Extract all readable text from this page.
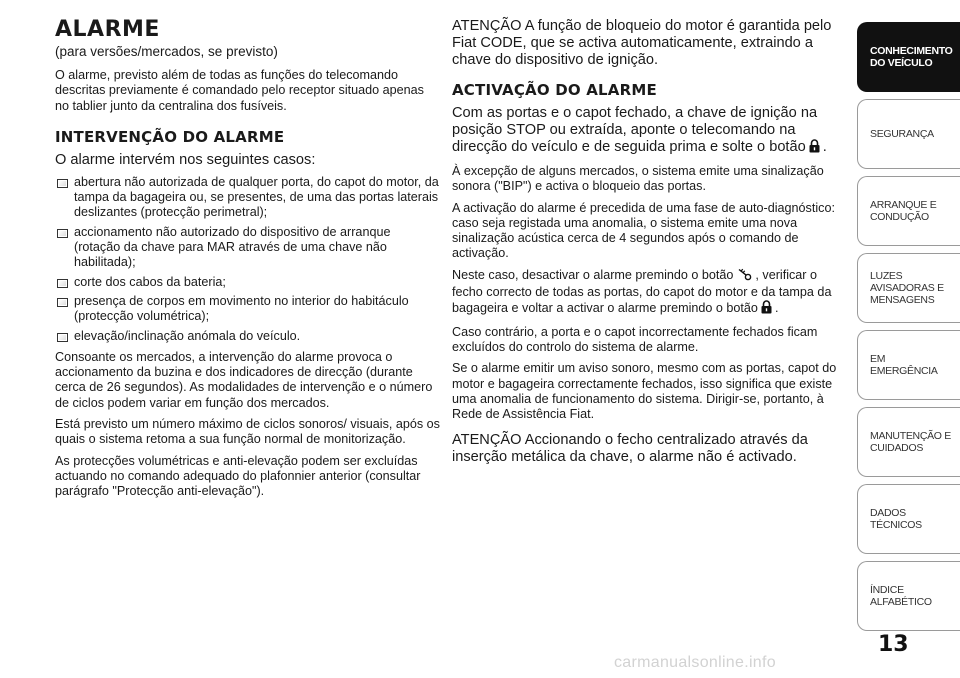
ALARME
(para versões/mercados, se previsto)

O alarme, previsto além de todas as funções do telecomando descritas previamente é comandado pelo receptor situado apenas no tablier junto da centralina dos fusíveis.

INTERVENÇÃO DO ALARME

O alarme intervém nos seguintes casos:

abertura não autorizada de qualquer porta, do capot do motor, da tampa da bagageira ou, se presentes, de uma das portas laterais deslizantes (protecção perimetral);
accionamento não autorizado do dispositivo de arranque (rotação da chave para MAR através de uma chave não habilitada);
corte dos cabos da bateria;
presença de corpos em movimento no interior do habitáculo (protecção volumétrica);
elevação/inclinação anómala do veículo.

Consoante os mercados, a intervenção do alarme provoca o accionamento da buzina e dos indicadores de direcção (durante cerca de 26 segundos). As modalidades de intervenção e o número de ciclos podem variar em função dos mercados.

Está previsto um número máximo de ciclos sonoros/ visuais, após os quais o sistema retoma a sua função normal de monitorização.

As protecções volumétricas e anti-elevação podem ser excluídas actuando no comando adequado do plafonnier anterior (consultar parágrafo "Protecção anti-elevação").

ATENÇÃO A função de bloqueio do motor é garantida pelo Fiat CODE, que se activa automaticamente, extraindo a chave do dispositivo de ignição.

ACTIVAÇÃO DO ALARME

Com as portas e o capot fechado, a chave de ignição na posição STOP ou extraída, aponte o telecomando na direcção do veículo e de seguida prima e solte o botão .

À excepção de alguns mercados, o sistema emite uma sinalização sonora ("BIP") e activa o bloqueio das portas.

A activação do alarme é precedida de uma fase de auto-diagnóstico: caso seja registada uma anomalia, o sistema emite uma nova sinalização acústica cerca de 4 segundos após o comando de activação.

Neste caso, desactivar o alarme premindo o botão , verificar o fecho correcto de todas as portas, do capot do motor e da tampa da bagageira e voltar a activar o alarme premindo o botão .

Caso contrário, a porta e o capot incorrectamente fechados ficam excluídos do controlo do sistema de alarme.

Se o alarme emitir um aviso sonoro, mesmo com as portas, capot do motor e bagageira correctamente fechados, isso significa que existe uma anomalia de funcionamento do sistema. Dirigir-se, portanto, à Rede de Assistência Fiat.

ATENÇÃO Accionando o fecho centralizado através da inserção metálica da chave, o alarme não é activado.

CONHECIMENTO DO VEÍCULO
SEGURANÇA
ARRANQUE E CONDUÇÃO
LUZES AVISADORAS E MENSAGENS
EM EMERGÊNCIA
MANUTENÇÃO E CUIDADOS
DADOS TÉCNICOS
ÍNDICE ALFABÉTICO
13
carmanualsonline.info
